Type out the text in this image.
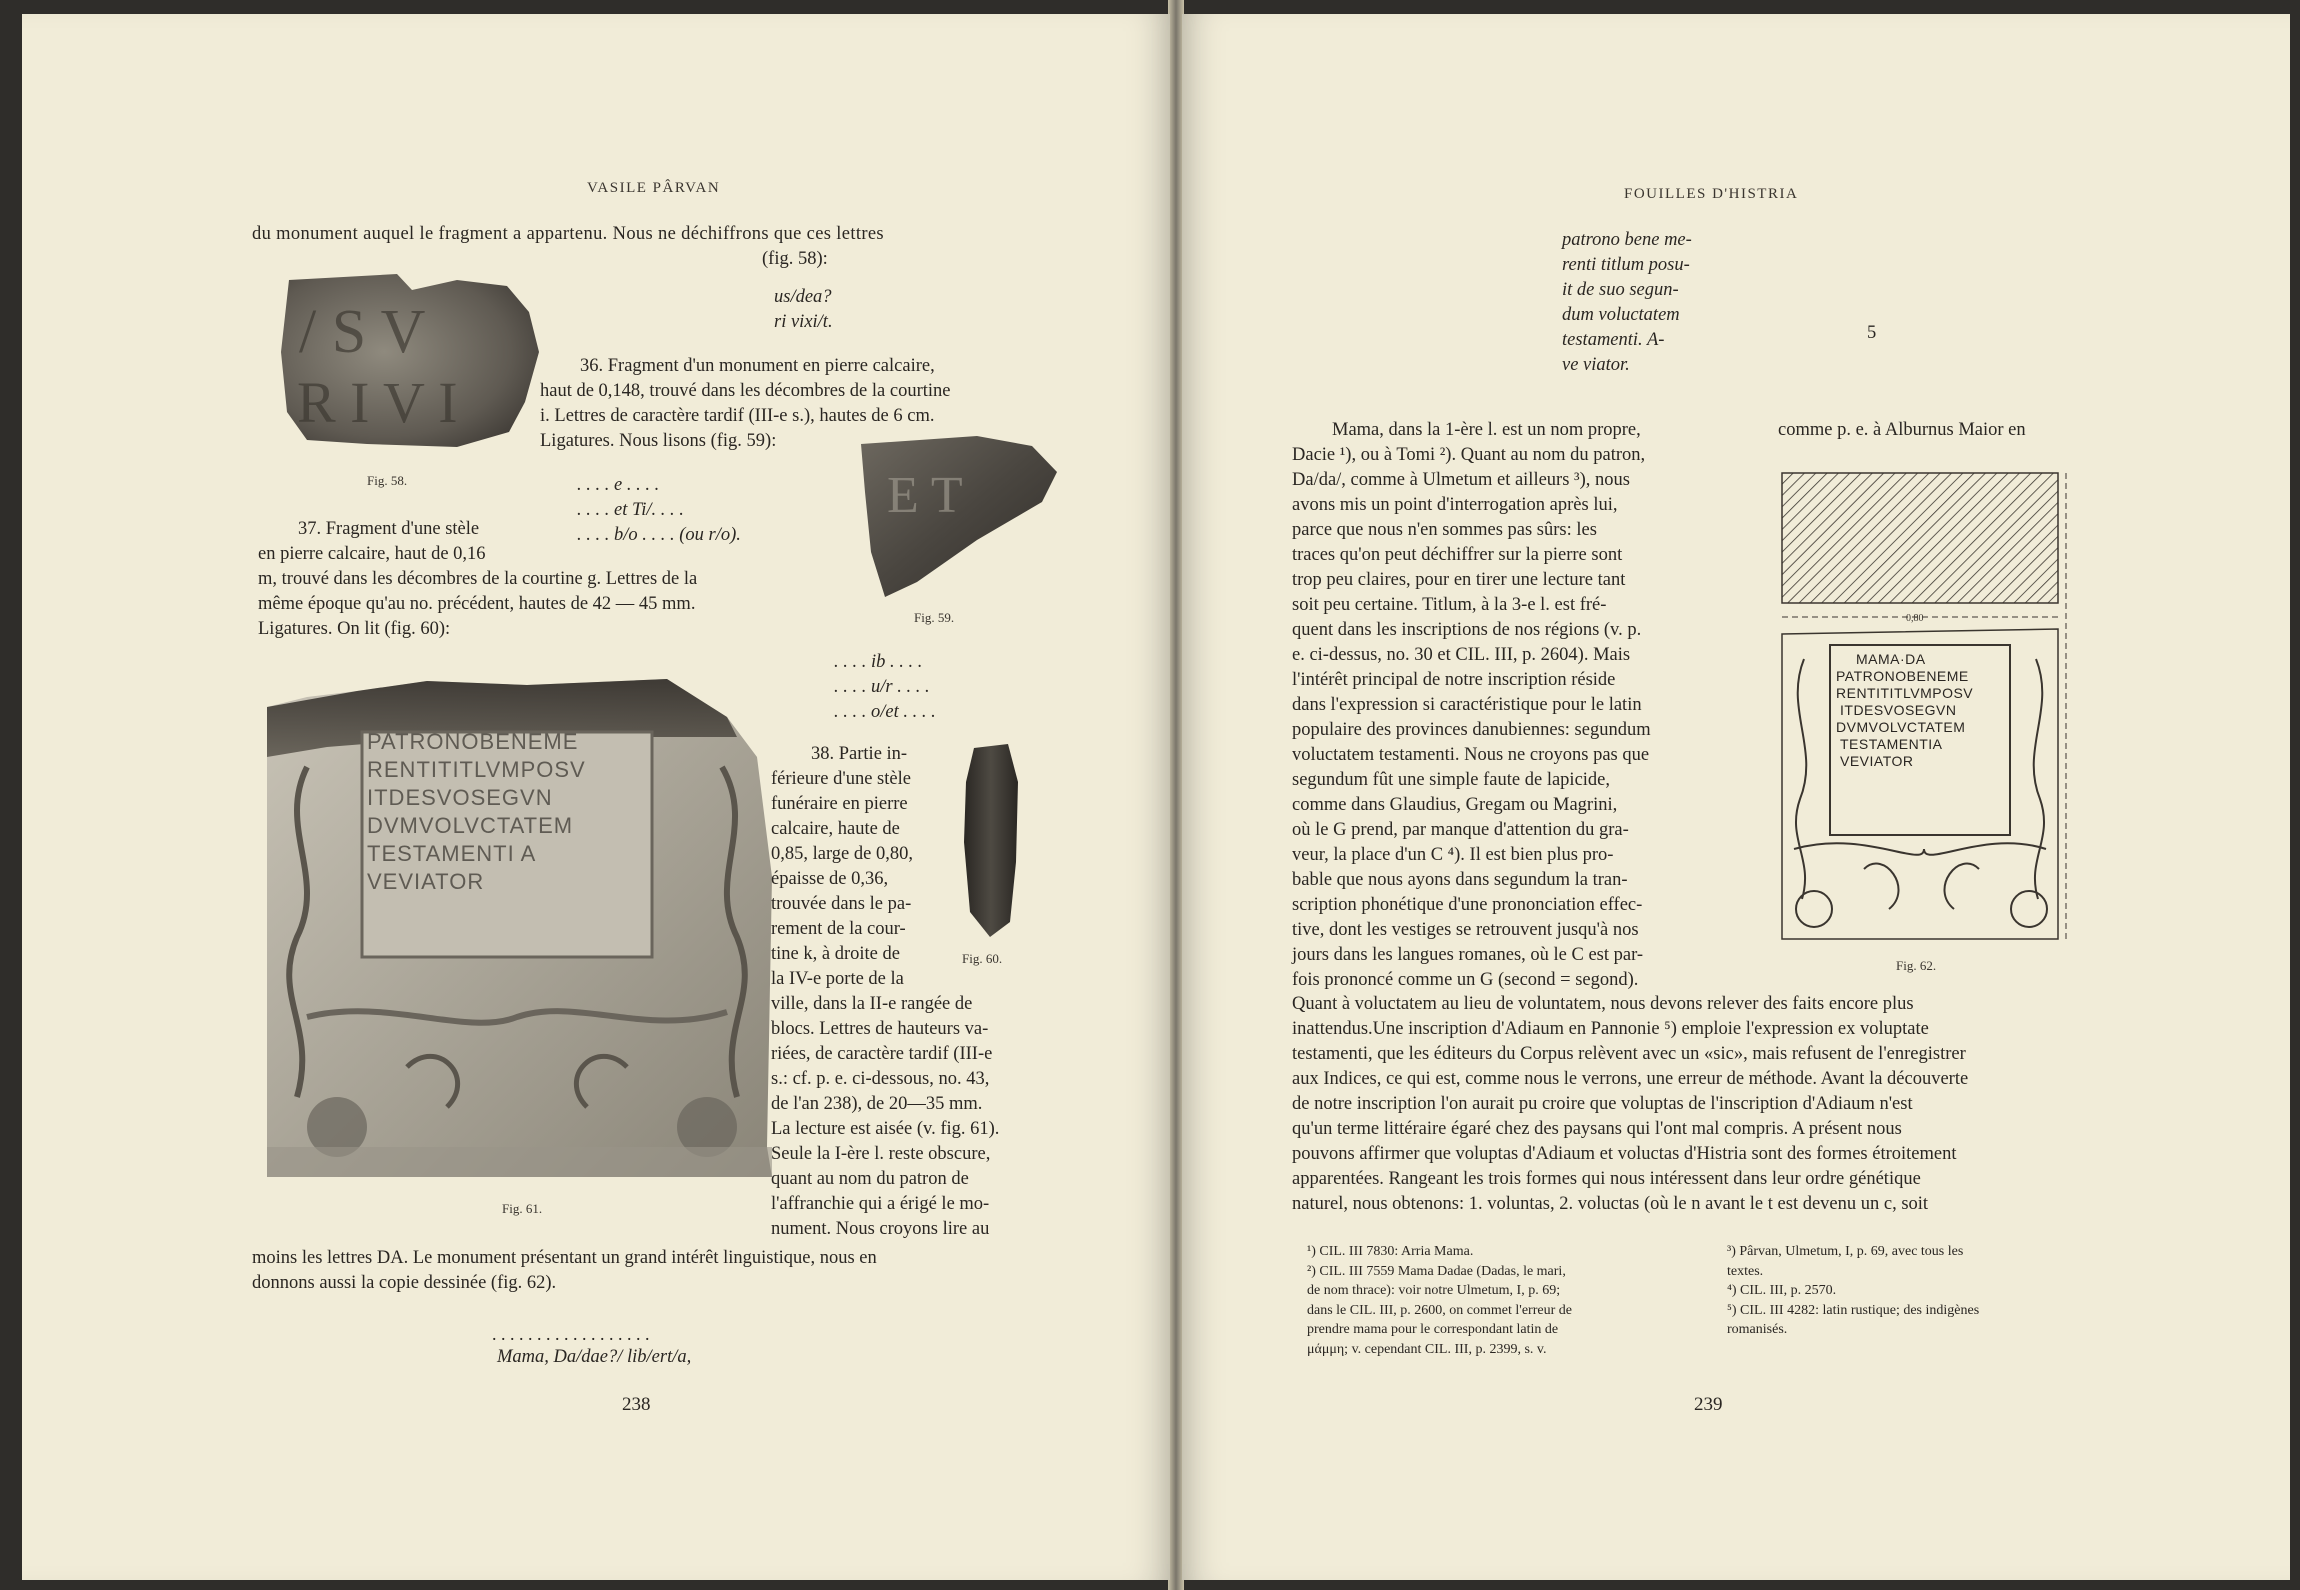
VASILE PÂRVAN
du monument auquel le fragment a appartenu. Nous ne déchiffrons que ces lettres
(fig. 58):
/ S V
R I V I
Fig. 58.
us/dea?
ri vixi/t.
36. Fragment d'un monument en pierre calcaire,
haut de 0,148, trouvé dans les décombres de la courtine
i. Lettres de caractère tardif (III-e s.), hautes de 6 cm.
Ligatures. Nous lisons (fig. 59):
E T
Fig. 59.
. . . . e . . . .
. . . . et Ti/. . . .
. . . . b/o . . . . (ou r/o).
37. Fragment d'une stèle
en pierre calcaire, haut de 0,16
m, trouvé dans les décombres de la courtine g. Lettres de la
même époque qu'au no. précédent, hautes de 42 — 45 mm.
Ligatures. On lit (fig. 60):
. . . . ib . . . .
. . . . u/r . . . .
. . . . o/et . . . .
PATRONOBENEME
RENTITITLVMPOSV
ITDESVOSEGVN
DVMVOLVCTATEM
TESTAMENTI A
VEVIATOR
Fig. 61.
Fig. 60.
38. Partie in-
férieure d'une stèle
funéraire en pierre
calcaire, haute de
0,85, large de 0,80,
épaisse de 0,36,
trouvée dans le pa-
rement de la cour-
tine k, à droite de
la IV-e porte de la
ville, dans la II-e rangée de
blocs. Lettres de hauteurs va-
riées, de caractère tardif (III-e
s.: cf. p. e. ci-dessous, no. 43,
de l'an 238), de 20—35 mm.
La lecture est aisée (v. fig. 61).
Seule la I-ère l. reste obscure,
quant au nom du patron de
l'affranchie qui a érigé le mo-
nument. Nous croyons lire au
moins les lettres DA. Le monument présentant un grand intérêt linguistique, nous en
donnons aussi la copie dessinée (fig. 62).
. . . . . . . . . . . . . . . . . .
Mama, Da/dae?/ lib/ert/a,
238
FOUILLES D'HISTRIA
patrono bene me-
renti titlum posu-
it de suo segun-
dum voluctatem
testamenti. A-
ve viator.
5
Mama, dans la 1-ère l. est un nom propre,
Dacie ¹), ou à Tomi ²). Quant au nom du patron,
Da/da/, comme à Ulmetum et ailleurs ³), nous
avons mis un point d'interrogation après lui,
parce que nous n'en sommes pas sûrs: les
traces qu'on peut déchiffrer sur la pierre sont
trop peu claires, pour en tirer une lecture tant
soit peu certaine. Titlum, à la 3-e l. est fré-
quent dans les inscriptions de nos régions (v. p.
e. ci-dessus, no. 30 et CIL. III, p. 2604). Mais
l'intérêt principal de notre inscription réside
dans l'expression si caractéristique pour le latin
populaire des provinces danubiennes: segundum
voluctatem testamenti. Nous ne croyons pas que
segundum fût une simple faute de lapicide,
comme dans Glaudius, Gregam ou Magrini,
où le G prend, par manque d'attention du gra-
veur, la place d'un C ⁴). Il est bien plus pro-
bable que nous ayons dans segundum la tran-
scription phonétique d'une prononciation effec-
tive, dont les vestiges se retrouvent jusqu'à nos
jours dans les langues romanes, où le C est par-
fois prononcé comme un G (second = segond).
comme p. e. à Alburnus Maior en
0,80
ΜΑΜΑ·DΑ
PATRONOBENEME
RENTITITLVMPOSV
ITDESVOSEGVN
DVMVOLVCTATEM
TESTAMENTIA
VEVIATOR
Fig. 62.
Quant à voluctatem au lieu de voluntatem, nous devons relever des faits encore plus
inattendus.Une inscription d'Adiaum en Pannonie ⁵) emploie l'expression ex voluptate
testamenti, que les éditeurs du Corpus relèvent avec un «sic», mais refusent de l'enregistrer
aux Indices, ce qui est, comme nous le verrons, une erreur de méthode. Avant la découverte
de notre inscription l'on aurait pu croire que voluptas de l'inscription d'Adiaum n'est
qu'un terme littéraire égaré chez des paysans qui l'ont mal compris. A présent nous
pouvons affirmer que voluptas d'Adiaum et voluctas d'Histria sont des formes étroitement
apparentées. Rangeant les trois formes qui nous intéressent dans leur ordre génétique
naturel, nous obtenons: 1. voluntas, 2. voluctas (où le n avant le t est devenu un c, soit
¹) CIL. III 7830: Arria Mama.
²) CIL. III 7559 Mama Dadae (Dadas, le mari,
de nom thrace): voir notre Ulmetum, I, p. 69;
dans le CIL. III, p. 2600, on commet l'erreur de
prendre mama pour le correspondant latin de
μάμμη; v. cependant CIL. III, p. 2399, s. v.
³) Pârvan, Ulmetum, I, p. 69, avec tous les
textes.
⁴) CIL. III, p. 2570.
⁵) CIL. III 4282: latin rustique; des indigènes
romanisés.
239
